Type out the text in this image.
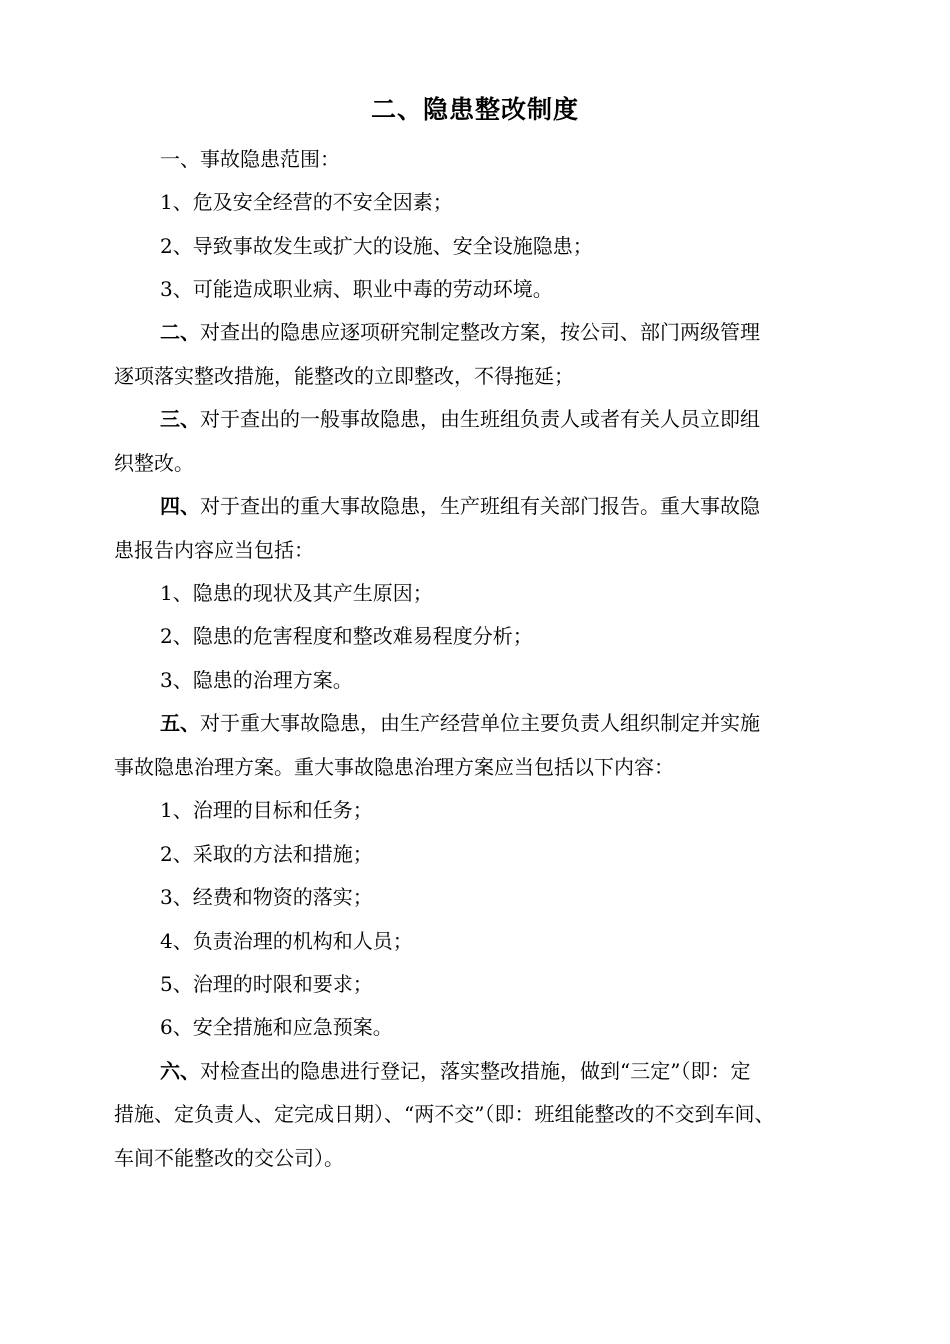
二、隐患整改制度
一、事故隐患范围：
1、危及安全经营的不安全因素；
2、导致事故发生或扩大的设施、安全设施隐患；
3、可能造成职业病、职业中毒的劳动环境。
二、对查出的隐患应逐项研究制定整改方案，按公司、部门两级管理
逐项落实整改措施，能整改的立即整改，不得拖延；
三、对于查出的一般事故隐患，由生班组负责人或者有关人员立即组
织整改。
四、对于查出的重大事故隐患，生产班组有关部门报告。重大事故隐
患报告内容应当包括：
1、隐患的现状及其产生原因；
2、隐患的危害程度和整改难易程度分析；
3、隐患的治理方案。
五、对于重大事故隐患，由生产经营单位主要负责人组织制定并实施
事故隐患治理方案。重大事故隐患治理方案应当包括以下内容：
1、治理的目标和任务；
2、采取的方法和措施；
3、经费和物资的落实；
4、负责治理的机构和人员；
5、治理的时限和要求；
6、安全措施和应急预案。
六、对检查出的隐患进行登记，落实整改措施，做到“三定”（即：定
措施、定负责人、定完成日期）、“两不交”（即：班组能整改的不交到车间、
车间不能整改的交公司）。
